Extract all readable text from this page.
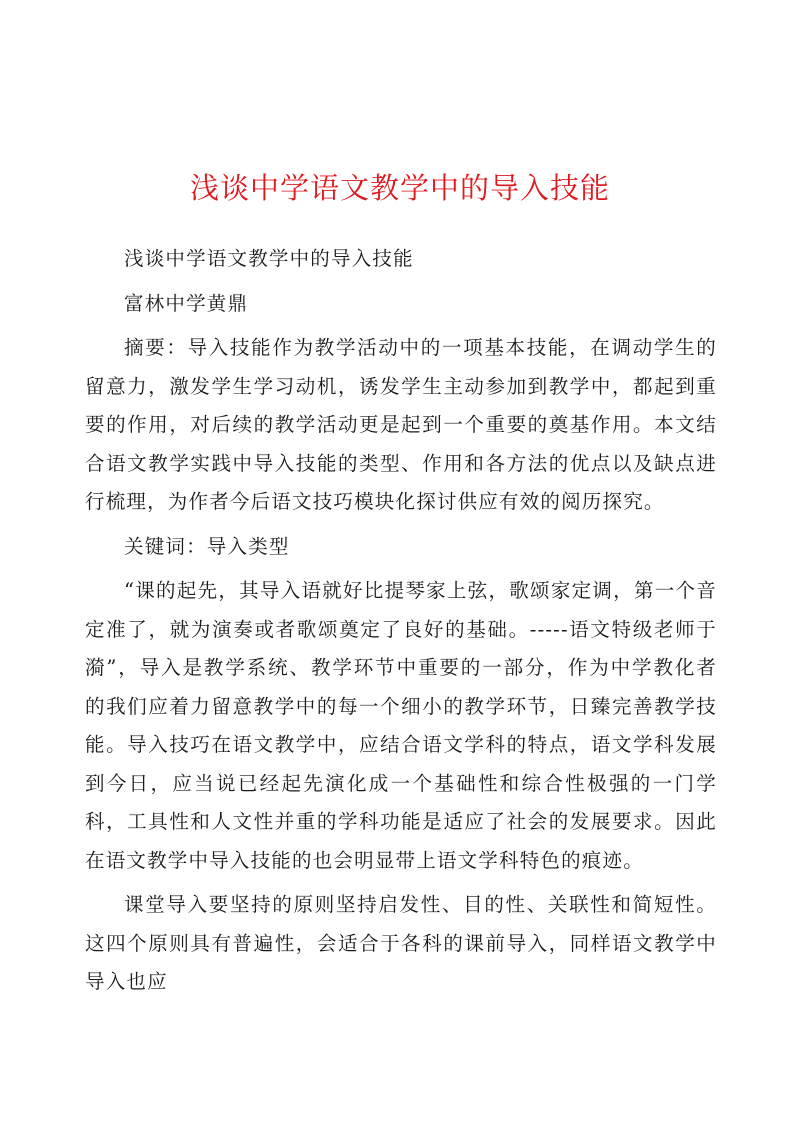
浅谈中学语文教学中的导入技能

浅谈中学语文教学中的导入技能

富林中学黄鼎

摘要：导入技能作为教学活动中的一项基本技能，在调动学生的留意力，激发学生学习动机，诱发学生主动参加到教学中，都起到重要的作用，对后续的教学活动更是起到一个重要的奠基作用。本文结合语文教学实践中导入技能的类型、作用和各方法的优点以及缺点进行梳理，为作者今后语文技巧模块化探讨供应有效的阅历探究。

关键词：导入类型

“课的起先，其导入语就好比提琴家上弦，歌颂家定调，第一个音定准了，就为演奏或者歌颂奠定了良好的基础。-----语文特级老师于漪”，导入是教学系统、教学环节中重要的一部分，作为中学教化者的我们应着力留意教学中的每一个细小的教学环节，日臻完善教学技能。导入技巧在语文教学中，应结合语文学科的特点，语文学科发展到今日，应当说已经起先演化成一个基础性和综合性极强的一门学科，工具性和人文性并重的学科功能是适应了社会的发展要求。因此在语文教学中导入技能的也会明显带上语文学科特色的痕迹。

课堂导入要坚持的原则坚持启发性、目的性、关联性和简短性。这四个原则具有普遍性，会适合于各科的课前导入，同样语文教学中导入也应
